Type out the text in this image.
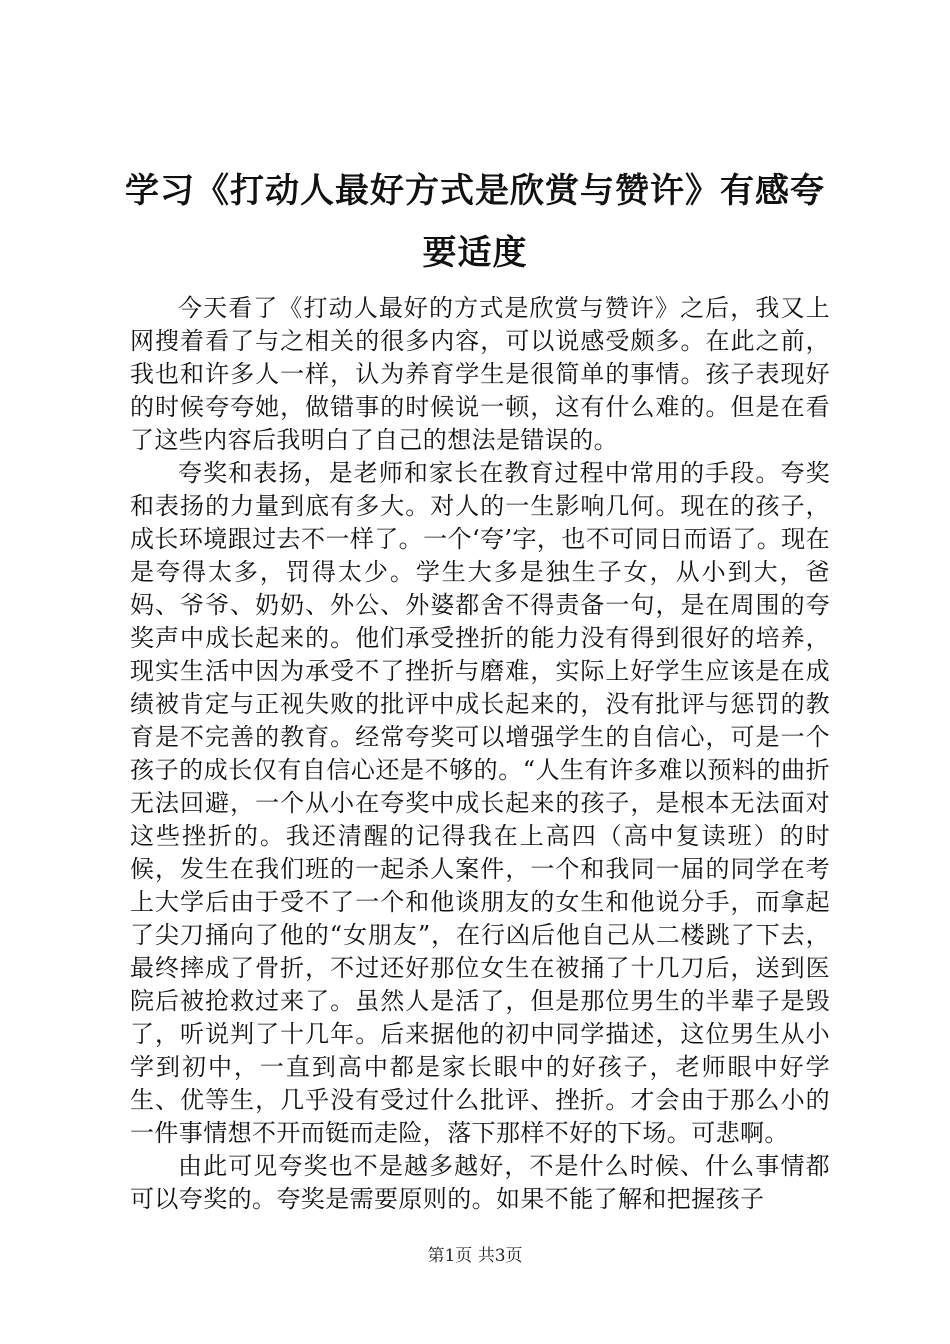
学习《打动人最好方式是欣赏与赞许》有感夸要适度

今天看了《打动人最好的方式是欣赏与赞许》之后，我又上网搜着看了与之相关的很多内容，可以说感受颇多。在此之前，我也和许多人一样，认为养育学生是很简单的事情。孩子表现好的时候夸夸她，做错事的时候说一顿，这有什么难的。但是在看了这些内容后我明白了自己的想法是错误的。

夸奖和表扬，是老师和家长在教育过程中常用的手段。夸奖和表扬的力量到底有多大。对人的一生影响几何。现在的孩子，成长环境跟过去不一样了。一个‘夸’字，也不可同日而语了。现在是夸得太多，罚得太少。学生大多是独生子女，从小到大，爸妈、爷爷、奶奶、外公、外婆都舍不得责备一句，是在周围的夸奖声中成长起来的。他们承受挫折的能力没有得到很好的培养，现实生活中因为承受不了挫折与磨难，实际上好学生应该是在成绩被肯定与正视失败的批评中成长起来的，没有批评与惩罚的教育是不完善的教育。经常夸奖可以增强学生的自信心，可是一个孩子的成长仅有自信心还是不够的。“人生有许多难以预料的曲折无法回避，一个从小在夸奖中成长起来的孩子，是根本无法面对这些挫折的。我还清醒的记得我在上高四（高中复读班）的时候，发生在我们班的一起杀人案件，一个和我同一届的同学在考上大学后由于受不了一个和他谈朋友的女生和他说分手，而拿起了尖刀捅向了他的“女朋友”，在行凶后他自己从二楼跳了下去，最终摔成了骨折，不过还好那位女生在被捅了十几刀后，送到医院后被抢救过来了。虽然人是活了，但是那位男生的半辈子是毁了，听说判了十几年。后来据他的初中同学描述，这位男生从小学到初中，一直到高中都是家长眼中的好孩子，老师眼中好学生、优等生，几乎没有受过什么批评、挫折。才会由于那么小的一件事情想不开而铤而走险，落下那样不好的下场。可悲啊。

由此可见夸奖也不是越多越好，不是什么时候、什么事情都可以夸奖的。夸奖是需要原则的。如果不能了解和把握孩子

第1页 共3页
